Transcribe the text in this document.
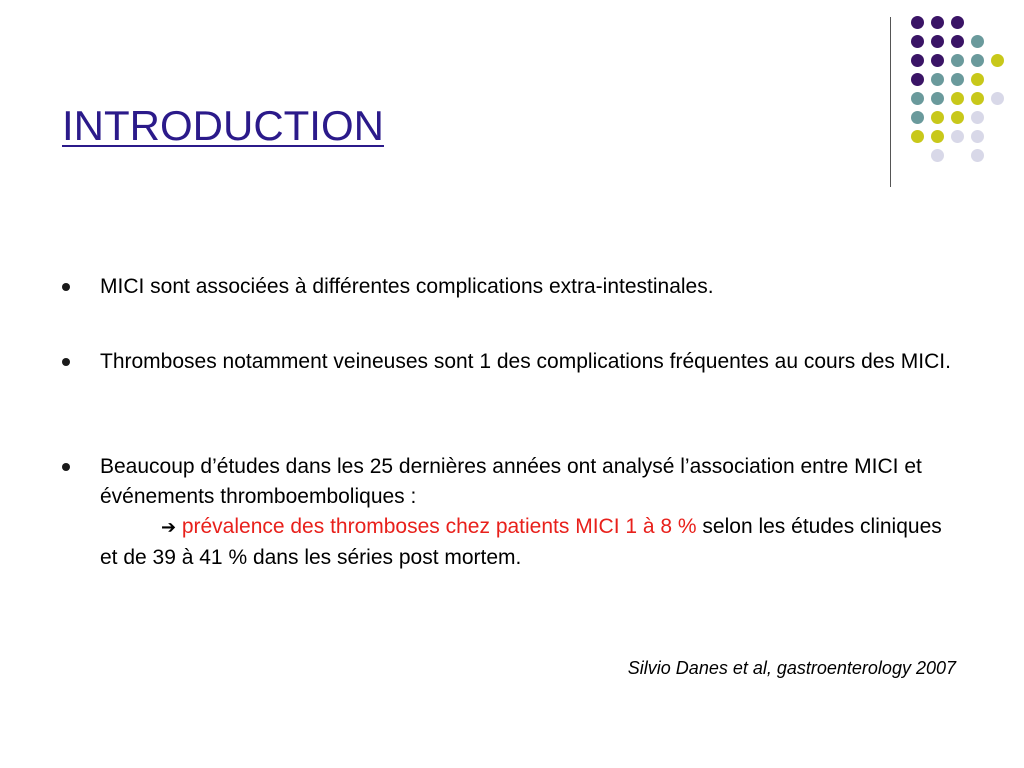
INTRODUCTION
MICI sont associées à différentes complications extra-intestinales.
Thromboses notamment veineuses sont 1 des complications fréquentes au cours des MICI.
Beaucoup d’études dans les 25 dernières années ont analysé l’association entre MICI et événements thromboemboliques :
➔ prévalence des thromboses chez patients MICI 1 à 8 % selon les études cliniques et de 39 à 41 % dans les séries post mortem.
Silvio Danes et al, gastroenterology 2007
